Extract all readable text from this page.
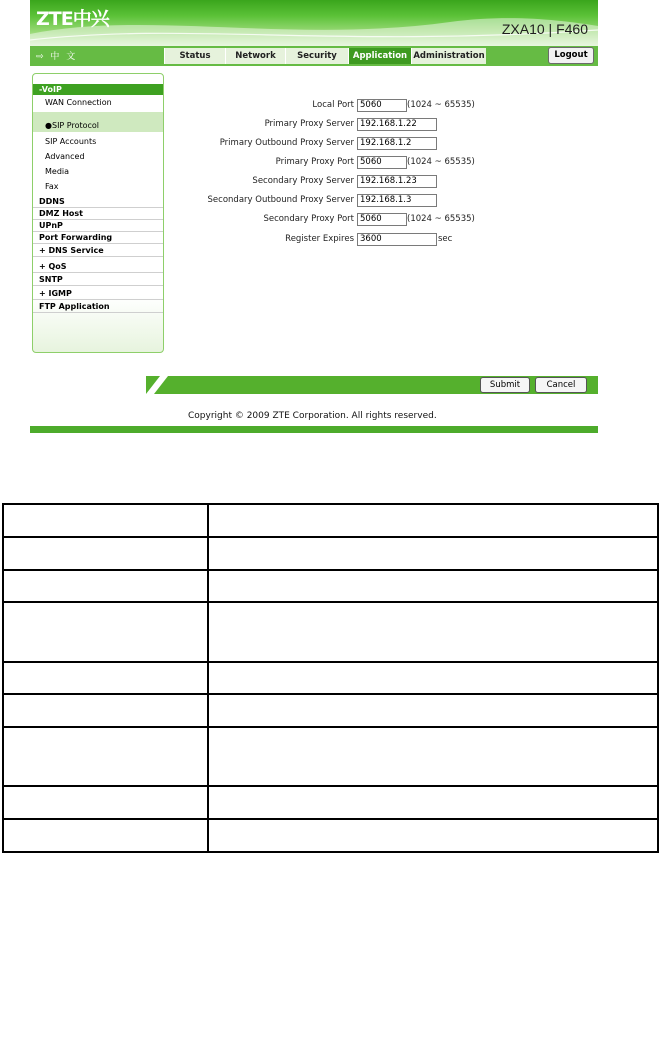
ZTE中兴	ZXA10 | F460
⇨ 中 文	Status	Network	Security	Application Administration	Logout
-VoIP
WAN Connection
●SIP Protocol
SIP Accounts
Advanced
Media
Fax
DDNS
DMZ Host
UPnP
Port Forwarding
+ DNS Service
+ QoS
SNTP
+ IGMP
FTP Application
Local Port 5060	(1024 ~ 65535)
Primary Proxy Server 192.168.1.22
Primary Outbound Proxy Server 192.168.1.2
Primary Proxy Port 5060	(1024 ~ 65535)
Secondary Proxy Server 192.168.1.23
Secondary Outbound Proxy Server 192.168.1.3
Secondary Proxy Port 5060	(1024 ~ 65535)
Register Expires 3600	sec
Submit	Cancel
Copyright © 2009 ZTE Corporation. All rights reserved.
